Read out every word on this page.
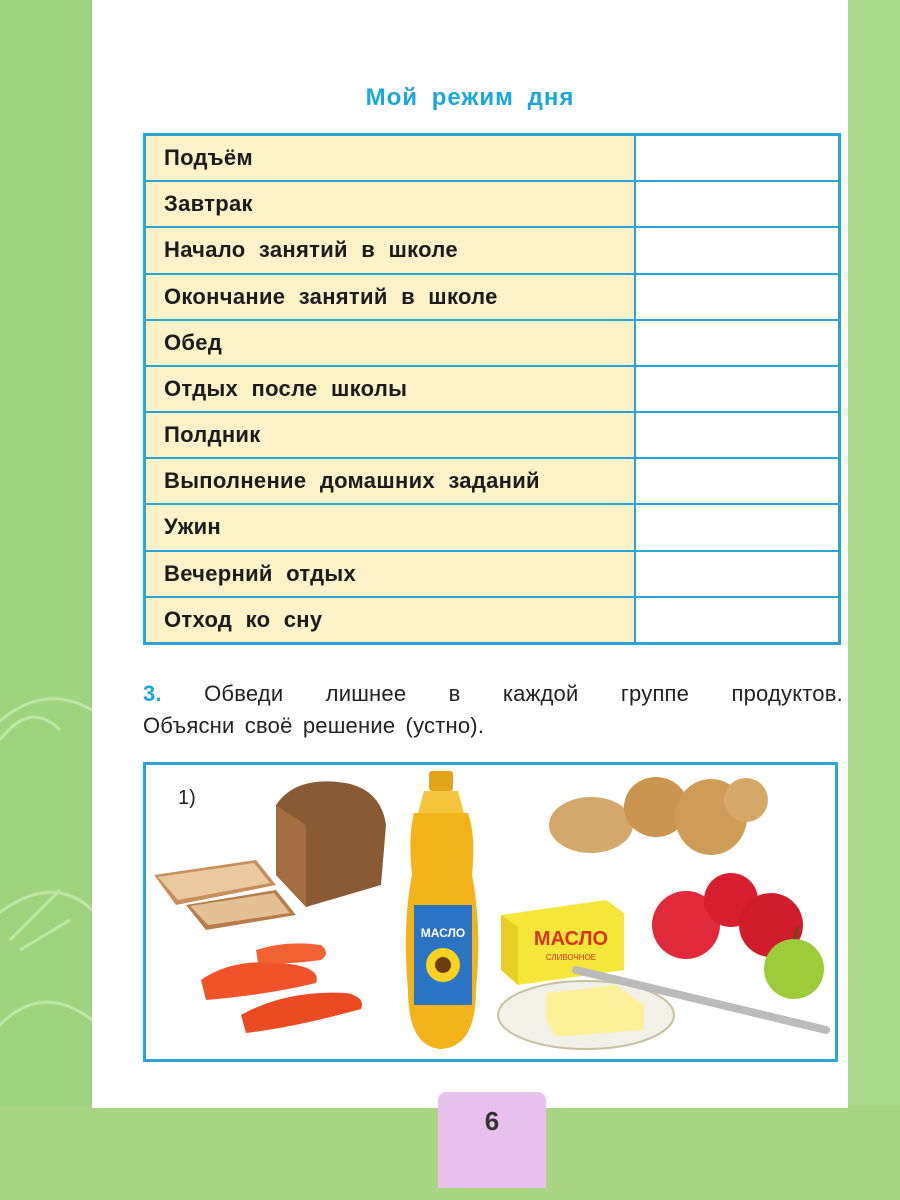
Мой режим дня
Подъём	
Завтрак	
Начало занятий в школе	
Окончание занятий в школе	
Обед	
Отдых после школы	
Полдник	
Выполнение домашних заданий	
Ужин	
Вечерний отдых	
Отход ко сну	
3. Обведи лишнее в каждой группе продуктов.
Объясни своё решение (устно).
МАСЛО	МАСЛО
СЛИВОЧНОЕ
1)
6
